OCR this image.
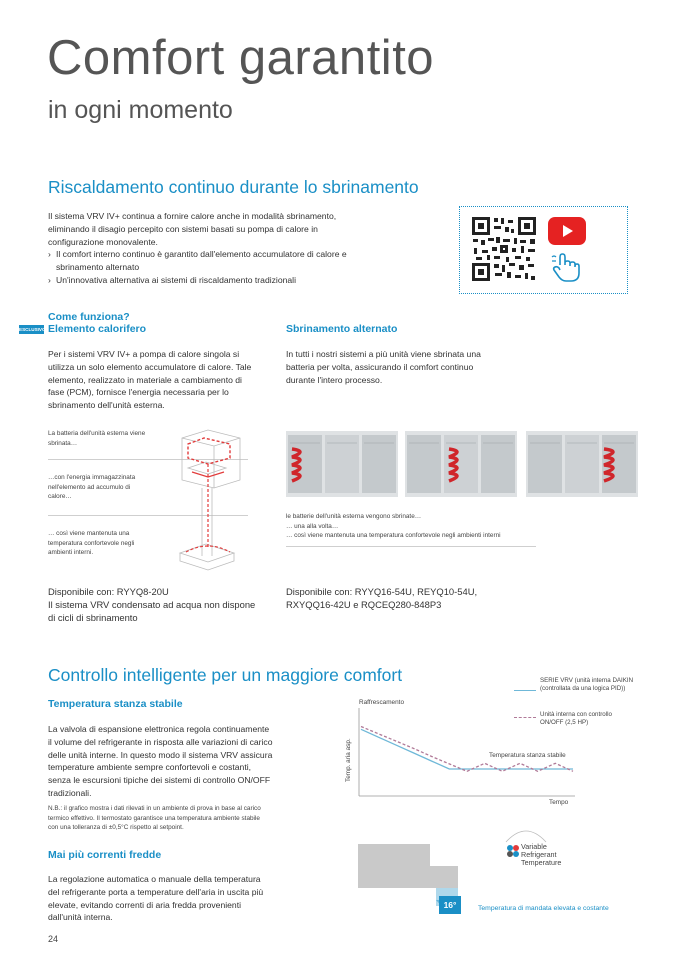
Comfort garantito
in ogni momento
Riscaldamento continuo durante lo sbrinamento
Il sistema VRV IV+ continua a fornire calore anche in modalità sbrinamento,
eliminando il disagio percepito con sistemi basati su pompa di calore in
configurazione monovalente.
› Il comfort interno continuo è garantito dall'elemento accumulatore di calore e sbrinamento alternato
› Un'innovativa alternativa ai sistemi di riscaldamento tradizionali
Come funziona?
ESCLUSIVO Elemento calorifero	Sbrinamento alternato
Per i sistemi VRV IV+ a pompa di calore singola si utilizza un solo elemento accumulatore di calore. Tale elemento, realizzato in materiale a cambiamento di fase (PCM), fornisce l'energia necessaria per lo sbrinamento dell'unità esterna.
In tutti i nostri sistemi a più unità viene sbrinata una batteria per volta, assicurando il comfort continuo durante l'intero processo.
La batteria dell'unità esterna viene sbrinata…
…con l'energia immagazzinata nell'elemento ad accumulo di calore…
… così viene mantenuta una temperatura confortevole negli ambienti interni.
le batterie dell'unità esterna vengono sbrinate…
… una alla volta…
… così viene mantenuta una temperatura confortevole negli ambienti interni
Disponibile con: RYYQ8-20U
Il sistema VRV condensato ad acqua non dispone
di cicli di sbrinamento
Disponibile con: RYYQ16-54U, REYQ10-54U,
RXYQQ16-42U e RQCEQ280-848P3
Controllo intelligente per un maggiore comfort
Temperatura stanza stabile
La valvola di espansione elettronica regola continuamente il volume del refrigerante in risposta alle variazioni di carico delle unità interne. In questo modo il sistema VRV assicura temperature ambiente sempre confortevoli e costanti, senza le escursioni tipiche dei sistemi di controllo ON/OFF tradizionali.
N.B.: il grafico mostra i dati rilevati in un ambiente di prova in base al carico termico effettivo. Il termostato garantisce una temperatura ambiente stabile con una tolleranza di ±0,5°C rispetto al setpoint.
Mai più correnti fredde
La regolazione automatica o manuale della temperatura del refrigerante porta a temperature dell'aria in uscita più elevate, evitando correnti di aria fredda provenienti dall'unità interna.
Raffrescamento
Temp. aria asp.	Temperatura stanza stabile
Tempo
SERIE VRV (unità interna DAIKIN (controllata da una logica PID))
Unità interna con controllo ON/OFF (2,5 HP)
Variable
Refrigerant
Temperature
16°	Temperatura di mandata elevata e costante
24
